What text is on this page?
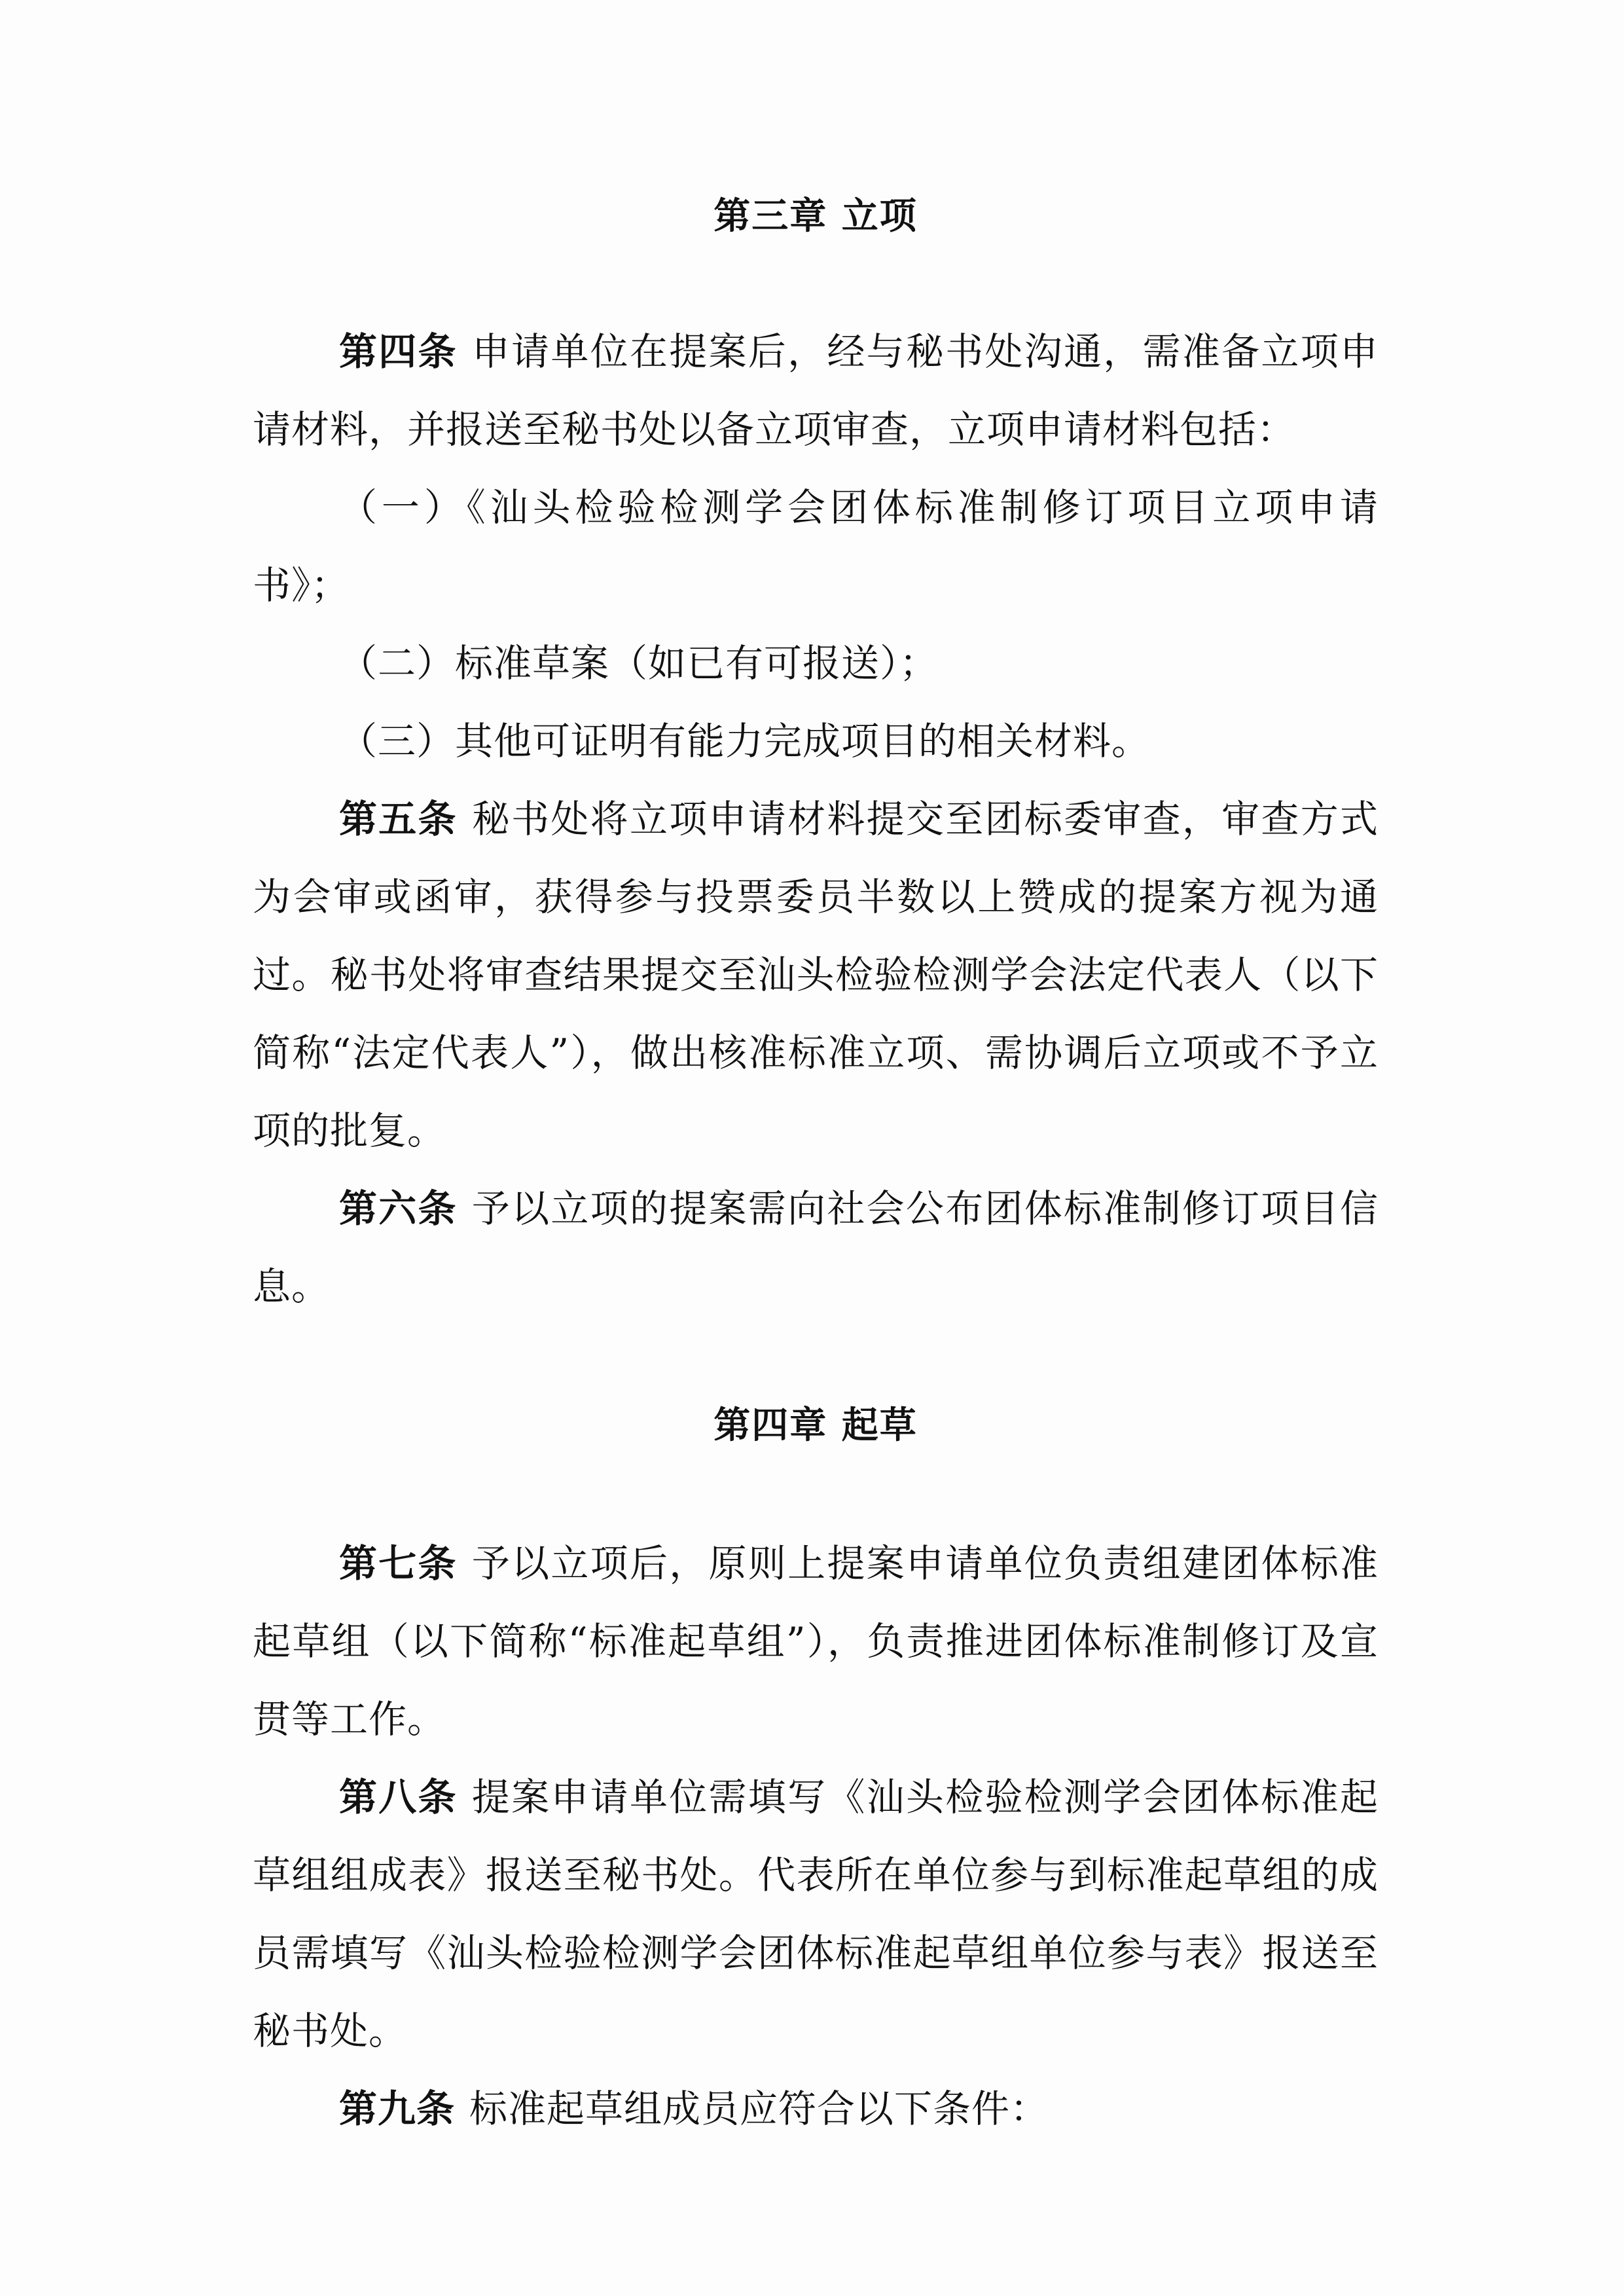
第三章 立项

第四条 申请单位在提案后，经与秘书处沟通，需准备立项申请材料，并报送至秘书处以备立项审查，立项申请材料包括：

（一）《汕头检验检测学会团体标准制修订项目立项申请书》；

（二）标准草案（如已有可报送）；

（三）其他可证明有能力完成项目的相关材料。

第五条 秘书处将立项申请材料提交至团标委审查，审查方式为会审或函审，获得参与投票委员半数以上赞成的提案方视为通过。秘书处将审查结果提交至汕头检验检测学会法定代表人（以下简称“法定代表人”），做出核准标准立项、需协调后立项或不予立项的批复。

第六条 予以立项的提案需向社会公布团体标准制修订项目信息。

第四章 起草

第七条 予以立项后，原则上提案申请单位负责组建团体标准起草组（以下简称“标准起草组”），负责推进团体标准制修订及宣贯等工作。

第八条 提案申请单位需填写《汕头检验检测学会团体标准起草组组成表》报送至秘书处。代表所在单位参与到标准起草组的成员需填写《汕头检验检测学会团体标准起草组单位参与表》报送至秘书处。

第九条 标准起草组成员应符合以下条件：
